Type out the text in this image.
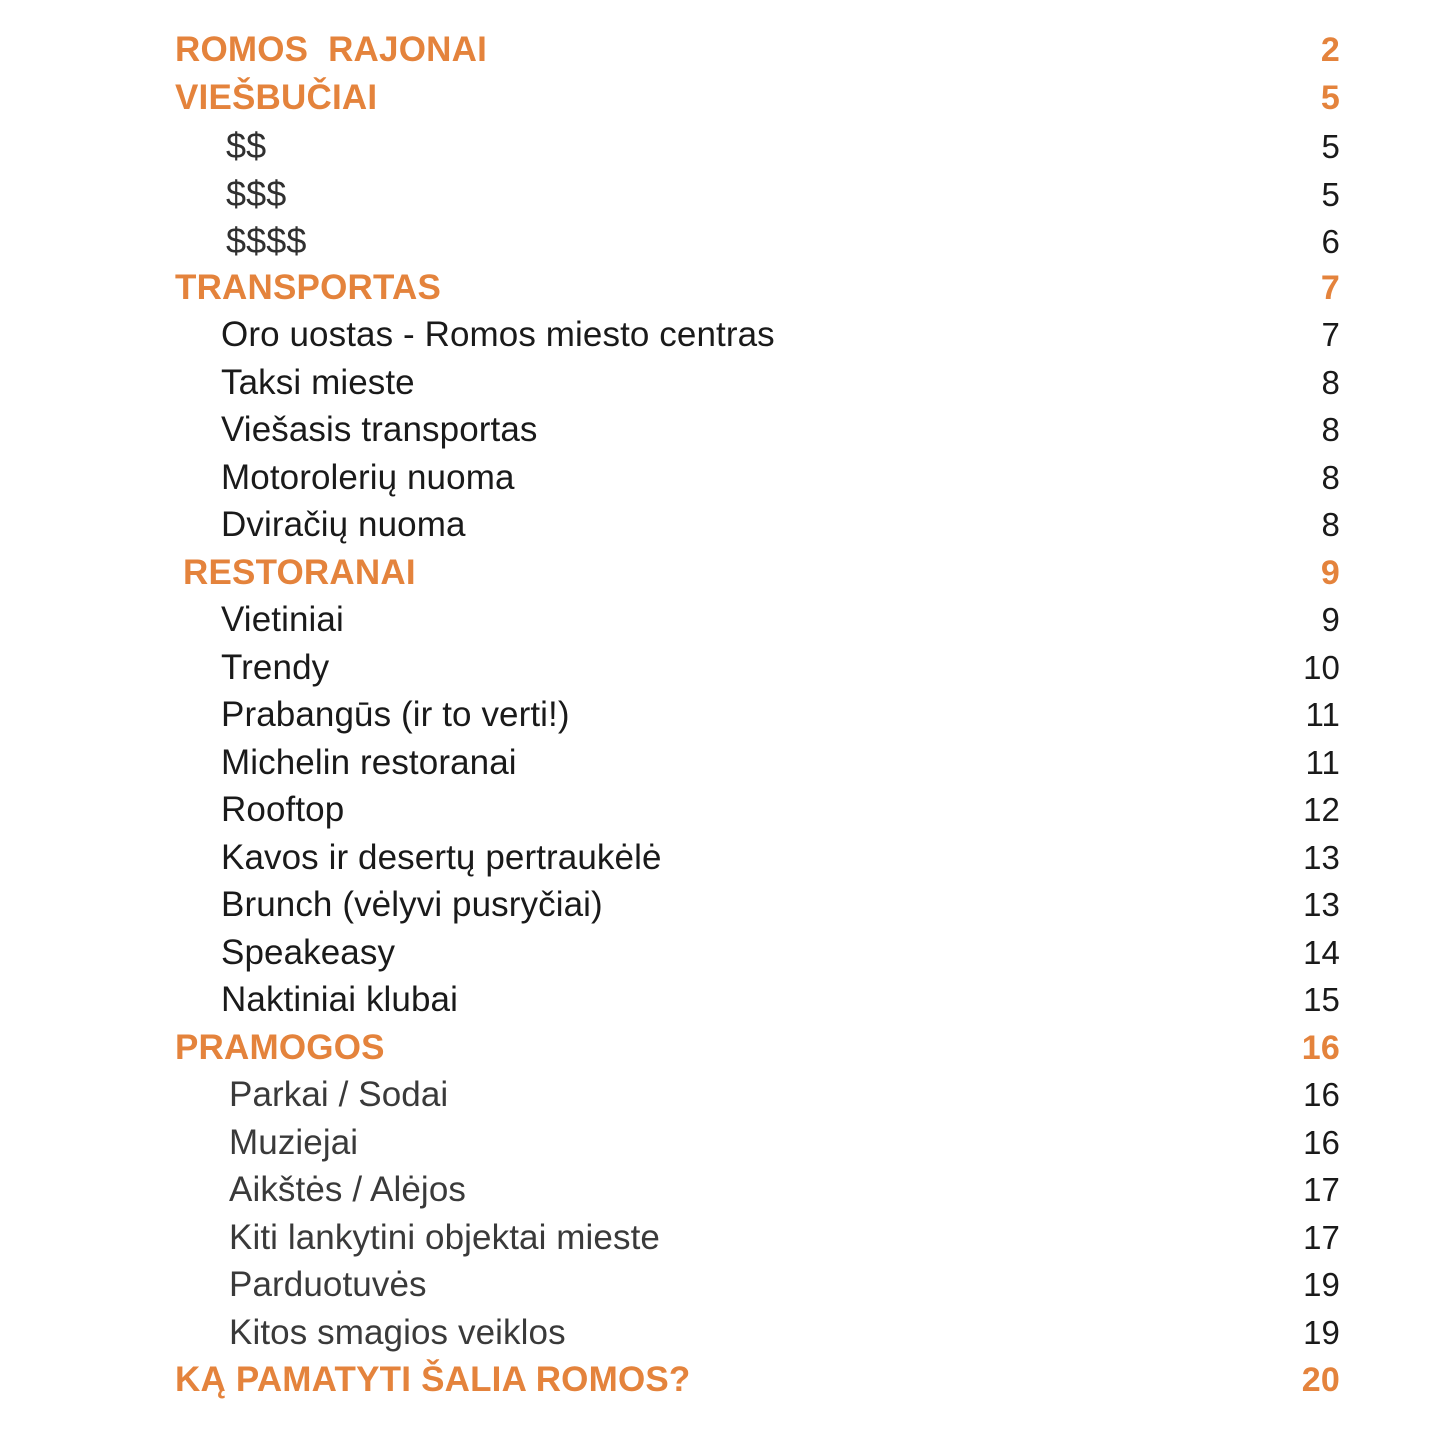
ROMOS  RAJONAI	2
VIEŠBUČIAI	5
$$	5
$$$	5
$$$$	6
TRANSPORTAS	7
Oro uostas - Romos miesto centras	7
Taksi mieste	8
Viešasis transportas	8
Motorolerių nuoma	8
Dviračių nuoma	8
RESTORANAI	9
Vietiniai	9
Trendy	10
Prabangūs (ir to verti!)	11
Michelin restoranai	11
Rooftop	12
Kavos ir desertų pertraukėlė	13
Brunch (vėlyvi pusryčiai)	13
Speakeasy	14
Naktiniai klubai	15
PRAMOGOS	16
Parkai / Sodai	16
Muziejai	16
Aikštės / Alėjos	17
Kiti lankytini objektai mieste	17
Parduotuvės	19
Kitos smagios veiklos	19
KĄ PAMATYTI ŠALIA ROMOS?	20
